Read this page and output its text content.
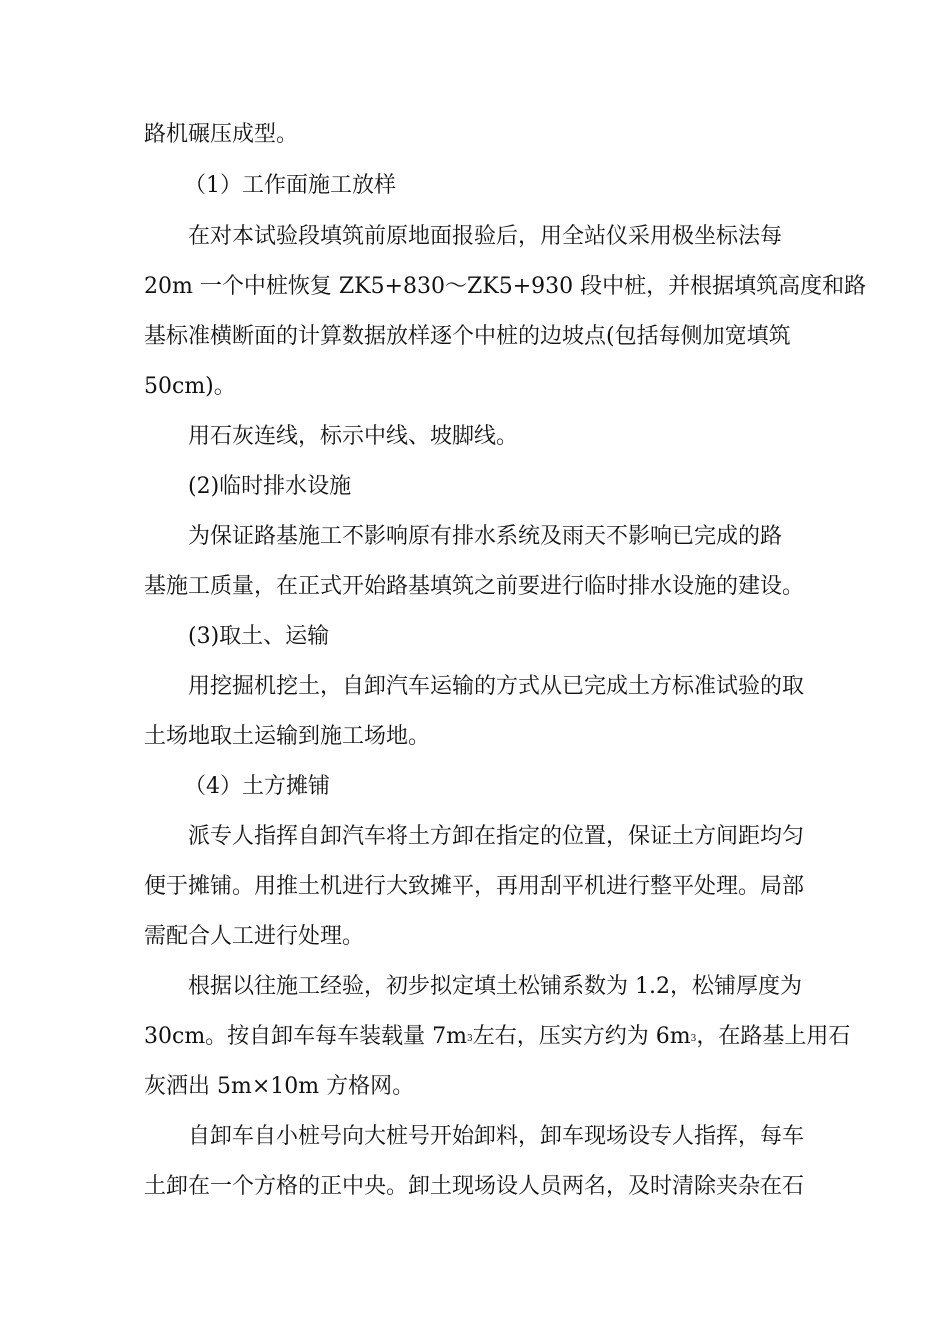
路机碾压成型。
（1）工作面施工放样
在对本试验段填筑前原地面报验后，用全站仪采用极坐标法每
20m 一个中桩恢复 ZK5+830～ZK5+930 段中桩，并根据填筑高度和路
基标准横断面的计算数据放样逐个中桩的边坡点(包括每侧加宽填筑
50cm)。
用石灰连线，标示中线、坡脚线。
(2)临时排水设施
为保证路基施工不影响原有排水系统及雨天不影响已完成的路
基施工质量，在正式开始路基填筑之前要进行临时排水设施的建设。
(3)取土、运输
用挖掘机挖土，自卸汽车运输的方式从已完成土方标准试验的取
土场地取土运输到施工场地。
（4）土方摊铺
派专人指挥自卸汽车将土方卸在指定的位置，保证土方间距均匀
便于摊铺。用推土机进行大致摊平，再用刮平机进行整平处理。局部
需配合人工进行处理。
根据以往施工经验，初步拟定填土松铺系数为 1.2，松铺厚度为
30cm。按自卸车每车装载量 $7m^3$左右，压实方约为 $6m^3$，在路基上用石
灰洒出 5m×10m 方格网。
自卸车自小桩号向大桩号开始卸料，卸车现场设专人指挥，每车
土卸在一个方格的正中央。卸土现场设人员两名，及时清除夹杂在石
